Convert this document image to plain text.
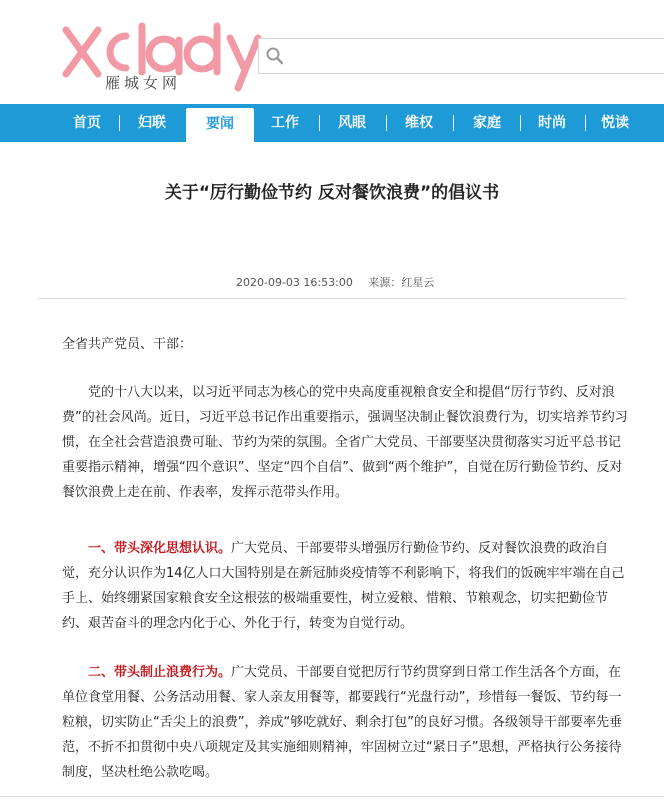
雁城女网
首页	妇联	要闻	工作	风眼	维权	家庭	时尚	悦读
关于“厉行勤俭节约 反对餐饮浪费”的倡议书
2020-09-03 16:53:00 来源：红星云

全省共产党员、干部：

党的十八大以来，以习近平同志为核心的党中央高度重视粮食安全和提倡“厉行节约、反对浪费”的社会风尚。近日，习近平总书记作出重要指示，强调坚决制止餐饮浪费行为，切实培养节约习惯，在全社会营造浪费可耻、节约为荣的氛围。全省广大党员、干部要坚决贯彻落实习近平总书记重要指示精神，增强“四个意识”、坚定“四个自信”、做到“两个维护”，自觉在厉行勤俭节约、反对餐饮浪费上走在前、作表率，发挥示范带头作用。

一、带头深化思想认识。广大党员、干部要带头增强厉行勤俭节约、反对餐饮浪费的政治自觉，充分认识作为14亿人口大国特别是在新冠肺炎疫情等不利影响下，将我们的饭碗牢牢端在自己手上、始终绷紧国家粮食安全这根弦的极端重要性，树立爱粮、惜粮、节粮观念，切实把勤俭节约、艰苦奋斗的理念内化于心、外化于行，转变为自觉行动。

二、带头制止浪费行为。广大党员、干部要自觉把厉行节约贯穿到日常工作生活各个方面，在单位食堂用餐、公务活动用餐、家人亲友用餐等，都要践行“光盘行动”，珍惜每一餐饭、节约每一粒粮，切实防止“舌尖上的浪费”，养成“够吃就好、剩余打包”的良好习惯。各级领导干部要率先垂范，不折不扣贯彻中央八项规定及其实施细则精神，牢固树立过“紧日子”思想，严格执行公务接待制度，坚决杜绝公款吃喝。
